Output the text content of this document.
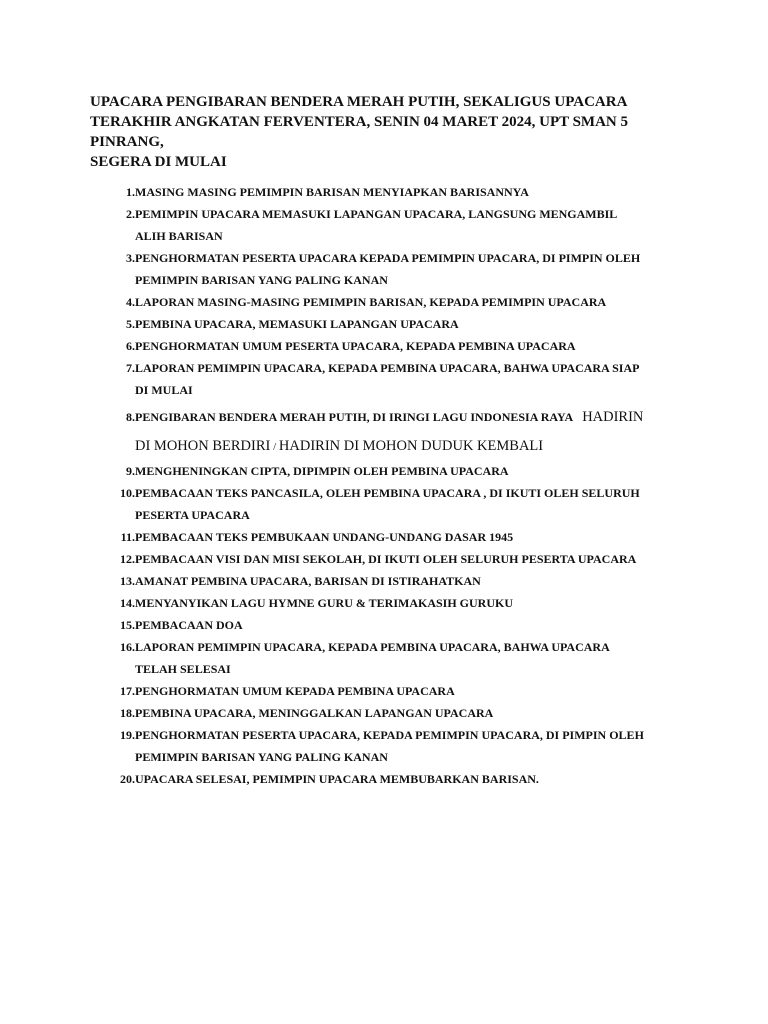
UPACARA PENGIBARAN BENDERA MERAH PUTIH, SEKALIGUS UPACARA
TERAKHIR ANGKATAN FERVENTERA, SENIN 04 MARET 2024, UPT SMAN 5
PINRANG,
SEGERA DI MULAI
1. MASING MASING PEMIMPIN BARISAN MENYIAPKAN BARISANNYA
2. PEMIMPIN UPACARA MEMASUKI LAPANGAN UPACARA, LANGSUNG MENGAMBIL
ALIH BARISAN
3. PENGHORMATAN PESERTA UPACARA KEPADA PEMIMPIN UPACARA, DI PIMPIN OLEH
PEMIMPIN BARISAN YANG PALING KANAN
4. LAPORAN MASING-MASING PEMIMPIN BARISAN, KEPADA PEMIMPIN UPACARA
5. PEMBINA UPACARA, MEMASUKI LAPANGAN UPACARA
6. PENGHORMATAN UMUM PESERTA UPACARA, KEPADA PEMBINA UPACARA
7. LAPORAN PEMIMPIN UPACARA, KEPADA PEMBINA UPACARA, BAHWA UPACARA SIAP
DI MULAI
8. PENGIBARAN BENDERA MERAH PUTIH, DI IRINGI LAGU INDONESIA RAYA HADIRIN
DI MOHON BERDIRI / HADIRIN DI MOHON DUDUK KEMBALI
9. MENGHENINGKAN CIPTA, DIPIMPIN OLEH PEMBINA UPACARA
10. PEMBACAAN TEKS PANCASILA, OLEH PEMBINA UPACARA , DI IKUTI OLEH SELURUH
PESERTA UPACARA
11. PEMBACAAN TEKS PEMBUKAAN UNDANG-UNDANG DASAR 1945
12. PEMBACAAN VISI DAN MISI SEKOLAH, DI IKUTI OLEH SELURUH PESERTA UPACARA
13. AMANAT PEMBINA UPACARA, BARISAN DI ISTIRAHATKAN
14. MENYANYIKAN LAGU HYMNE GURU & TERIMAKASIH GURUKU
15. PEMBACAAN DOA
16. LAPORAN PEMIMPIN UPACARA, KEPADA PEMBINA UPACARA, BAHWA UPACARA
TELAH SELESAI
17. PENGHORMATAN UMUM KEPADA PEMBINA UPACARA
18. PEMBINA UPACARA, MENINGGALKAN LAPANGAN UPACARA
19. PENGHORMATAN PESERTA UPACARA, KEPADA PEMIMPIN UPACARA, DI PIMPIN OLEH
PEMIMPIN BARISAN YANG PALING KANAN
20. UPACARA SELESAI, PEMIMPIN UPACARA MEMBUBARKAN BARISAN.
